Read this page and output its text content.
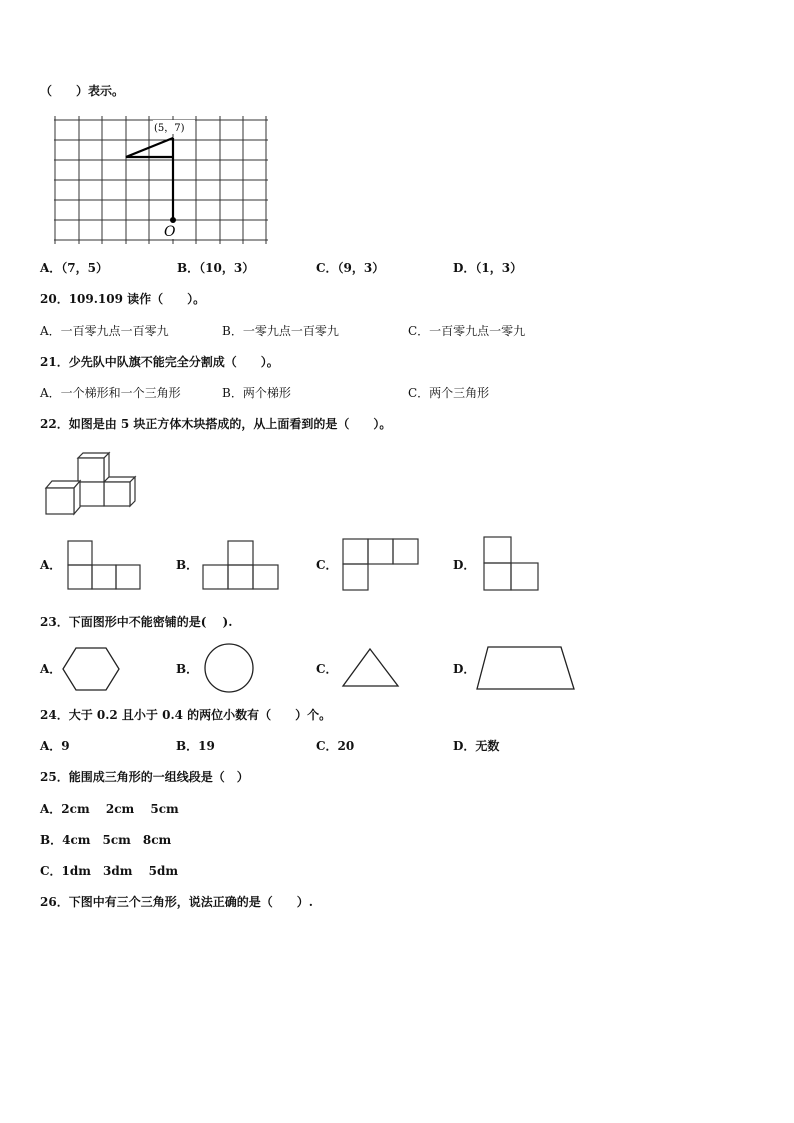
（　　）表示。
(5，7)
O
A．（7，5）	B．（10，3）	C．（9，3）	D．（1，3）
20．109.109 读作（　　）。
A．一百零九点一百零九	B．一零九点一百零九	C．一百零九点一零九
21．少先队中队旗不能完全分割成（　　）。
A．一个梯形和一个三角形	B．两个梯形	C．两个三角形
22．如图是由 5 块正方体木块搭成的，从上面看到的是（　　）。
A．	B．	C．	D．
23．下面图形中不能密铺的是(　 ).
A．	B．	C．	D．
24．大于 0.2 且小于 0.4 的两位小数有（　　）个。
A．9	B．19	C．20	D．无数
25．能围成三角形的一组线段是（　）
A．2cm　 2cm　 5cm
B．4cm　5cm　8cm
C．1dm　3dm　 5dm
26．下图中有三个三角形，说法正确的是（　　）.
